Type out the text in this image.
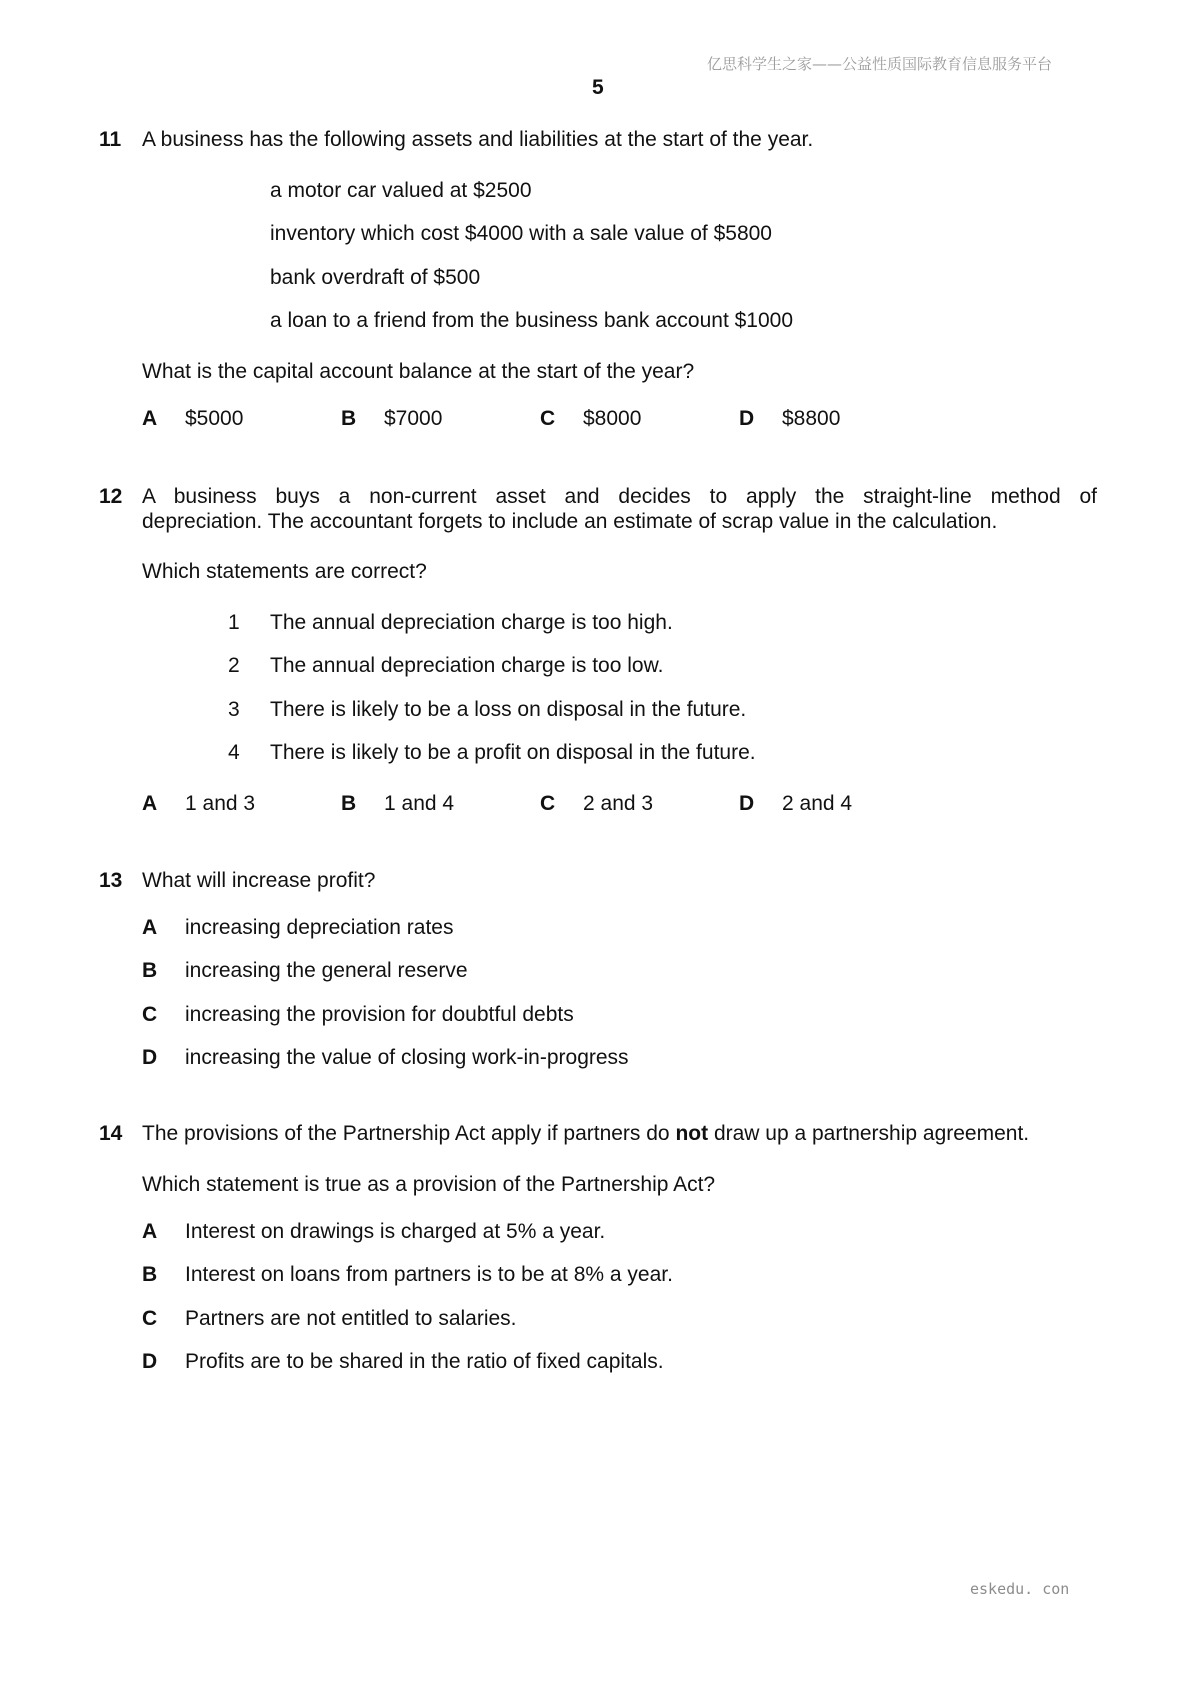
亿思科学生之家——公益性质国际教育信息服务平台
5
11 A business has the following assets and liabilities at the start of the year.
a motor car valued at $2500
inventory which cost $4000 with a sale value of $5800
bank overdraft of $500
a loan to a friend from the business bank account $1000
What is the capital account balance at the start of the year?
A $5000	B $7000	C $8000	D $8800
12 A business buys a non-current asset and decides to apply the straight-line method of
depreciation. The accountant forgets to include an estimate of scrap value in the calculation.
Which statements are correct?
1 The annual depreciation charge is too high.
2 The annual depreciation charge is too low.
3 There is likely to be a loss on disposal in the future.
4 There is likely to be a profit on disposal in the future.
A 1 and 3	B 1 and 4	C 2 and 3	D 2 and 4
13 What will increase profit?
A increasing depreciation rates
B increasing the general reserve
C increasing the provision for doubtful debts
D increasing the value of closing work-in-progress
14 The provisions of the Partnership Act apply if partners do not draw up a partnership agreement.
Which statement is true as a provision of the Partnership Act?
A Interest on drawings is charged at 5% a year.
B Interest on loans from partners is to be at 8% a year.
C Partners are not entitled to salaries.
D Profits are to be shared in the ratio of fixed capitals.
eskedu. con
